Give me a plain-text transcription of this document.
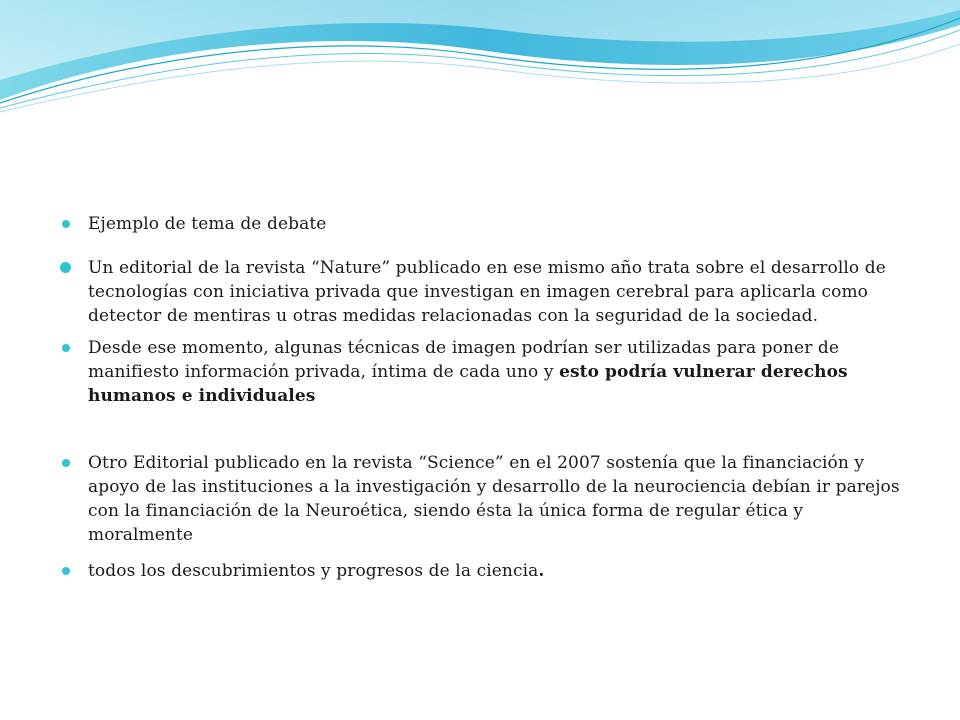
Ejemplo de tema de debate
Un editorial de la revista “Nature” publicado en ese mismo año trata sobre el desarrollo de tecnologías con iniciativa privada que investigan en imagen cerebral para aplicarla como detector de mentiras u otras medidas relacionadas con la seguridad de la sociedad.
Desde ese momento, algunas técnicas de imagen podrían ser utilizadas para poner de manifiesto información privada, íntima de cada uno y esto podría vulnerar derechos humanos e individuales
Otro Editorial publicado en la revista “Science” en el 2007 sostenía que la financiación y apoyo de las instituciones a la investigación y desarrollo de la neurociencia debían ir parejos con la financiación de la Neuroética, siendo ésta la única forma de regular ética y moralmente
todos los descubrimientos y progresos de la ciencia.
